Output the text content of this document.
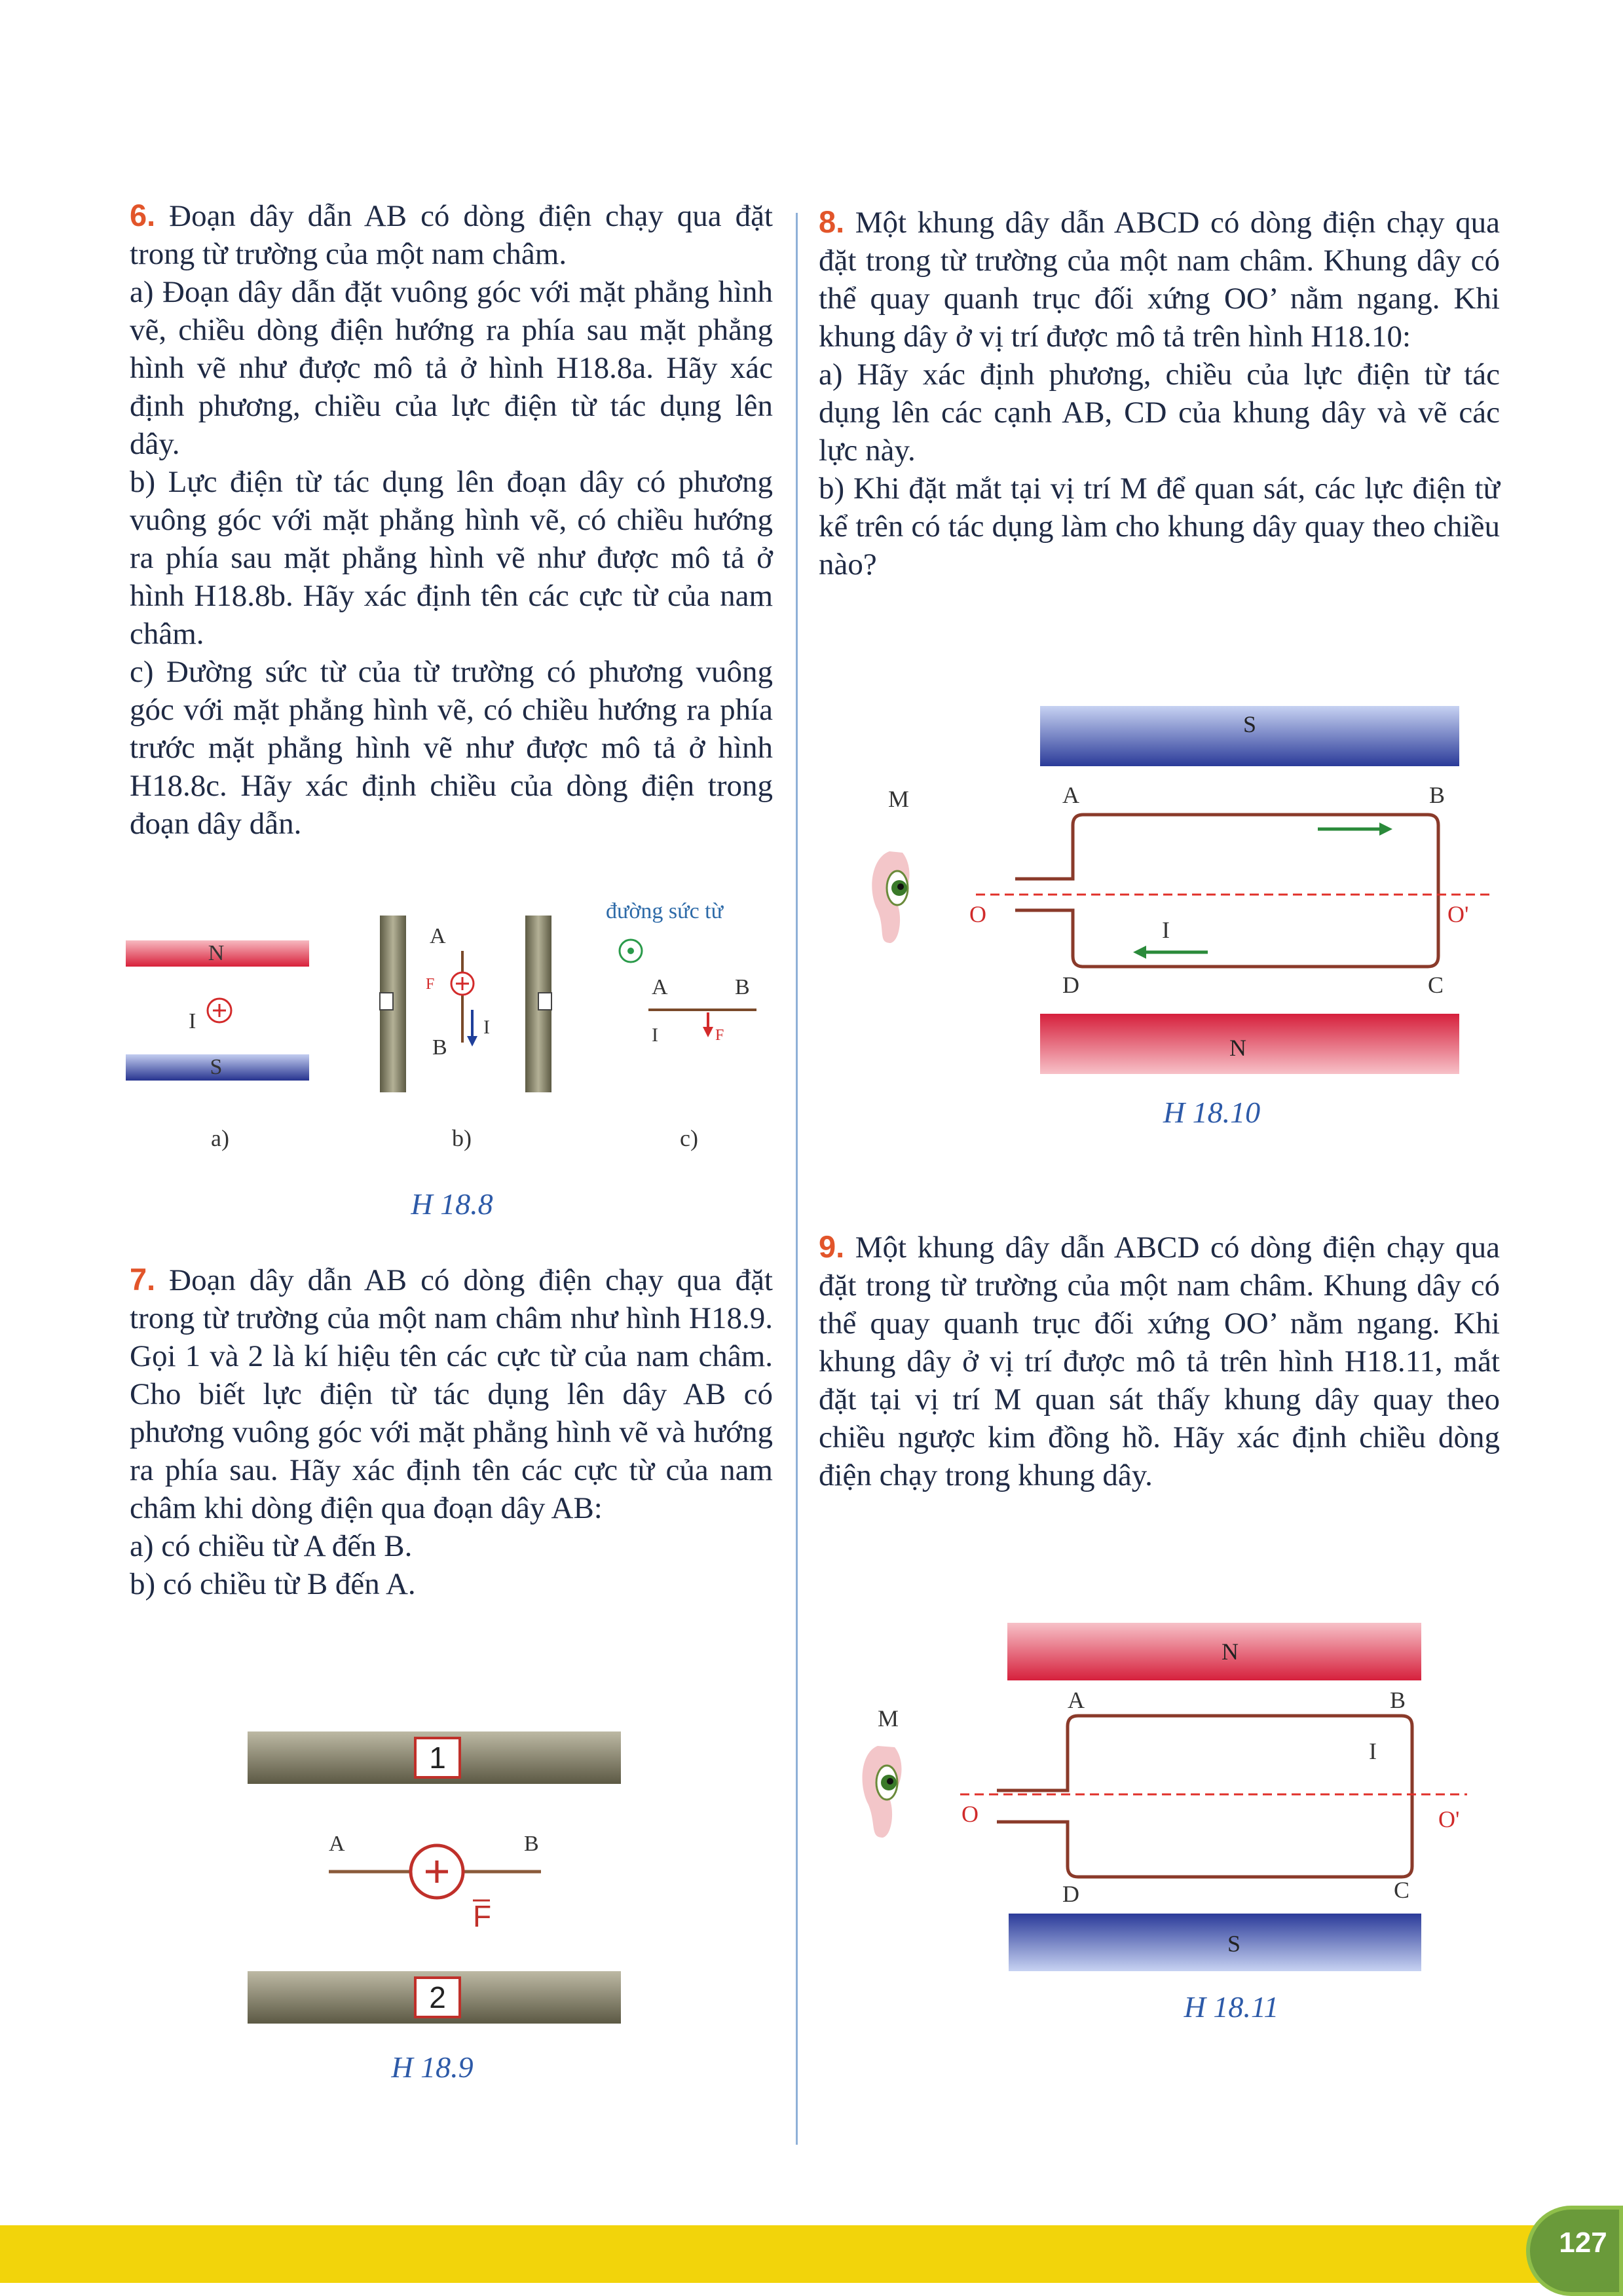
6. Đoạn dây dẫn AB có dòng điện chạy qua đặt trong từ trường của một nam châm.

a) Đoạn dây dẫn đặt vuông góc với mặt phẳng hình vẽ, chiều dòng điện hướng ra phía sau mặt phẳng hình vẽ như được mô tả ở hình H18.8a. Hãy xác định phương, chiều của lực điện từ tác dụng lên dây.

b) Lực điện từ tác dụng lên đoạn dây có phương vuông góc với mặt phẳng hình vẽ, có chiều hướng ra phía sau mặt phẳng hình vẽ như được mô tả ở hình H18.8b. Hãy xác định tên các cực từ của nam châm.

c) Đường sức từ của từ trường có phương vuông góc với mặt phẳng hình vẽ, có chiều hướng ra phía trước mặt phẳng hình vẽ như được mô tả ở hình H18.8c. Hãy xác định chiều của dòng điện trong đoạn dây dẫn.

N
S
I
a)
A
B
F
I
b)
đường sức từ
A	B
I	F
c)
H 18.8

7. Đoạn dây dẫn AB có dòng điện chạy qua đặt trong từ trường của một nam châm như hình H18.9. Gọi 1 và 2 là kí hiệu tên các cực từ của nam châm. Cho biết lực điện từ tác dụng lên dây AB có phương vuông góc với mặt phẳng hình vẽ và hướng ra phía sau. Hãy xác định tên các cực từ của nam châm khi dòng điện qua đoạn dây AB:

a) có chiều từ A đến B.

b) có chiều từ B đến A.

1
A	B
F
2
H 18.9

8. Một khung dây dẫn ABCD có dòng điện chạy qua đặt trong từ trường của một nam châm. Khung dây có thể quay quanh trục đối xứng OO’ nằm ngang. Khi khung dây ở vị trí được mô tả trên hình H18.10:

a) Hãy xác định phương, chiều của lực điện từ tác dụng lên các cạnh AB, CD của khung dây và vẽ các lực này.

b) Khi đặt mắt tại vị trí M để quan sát, các lực điện từ kể trên có tác dụng làm cho khung dây quay theo chiều nào?

S
N
M
O	O'
A	B
D	C
I
H 18.10

9. Một khung dây dẫn ABCD có dòng điện chạy qua đặt trong từ trường của một nam châm. Khung dây có thể quay quanh trục đối xứng OO’ nằm ngang. Khi khung dây ở vị trí được mô tả trên hình H18.11, mắt đặt tại vị trí M quan sát thấy khung dây quay theo chiều ngược kim đồng hồ. Hãy xác định chiều dòng điện chạy trong khung dây.

N
S
M
O	O'
A	B
D	C
I
H 18.11
127
